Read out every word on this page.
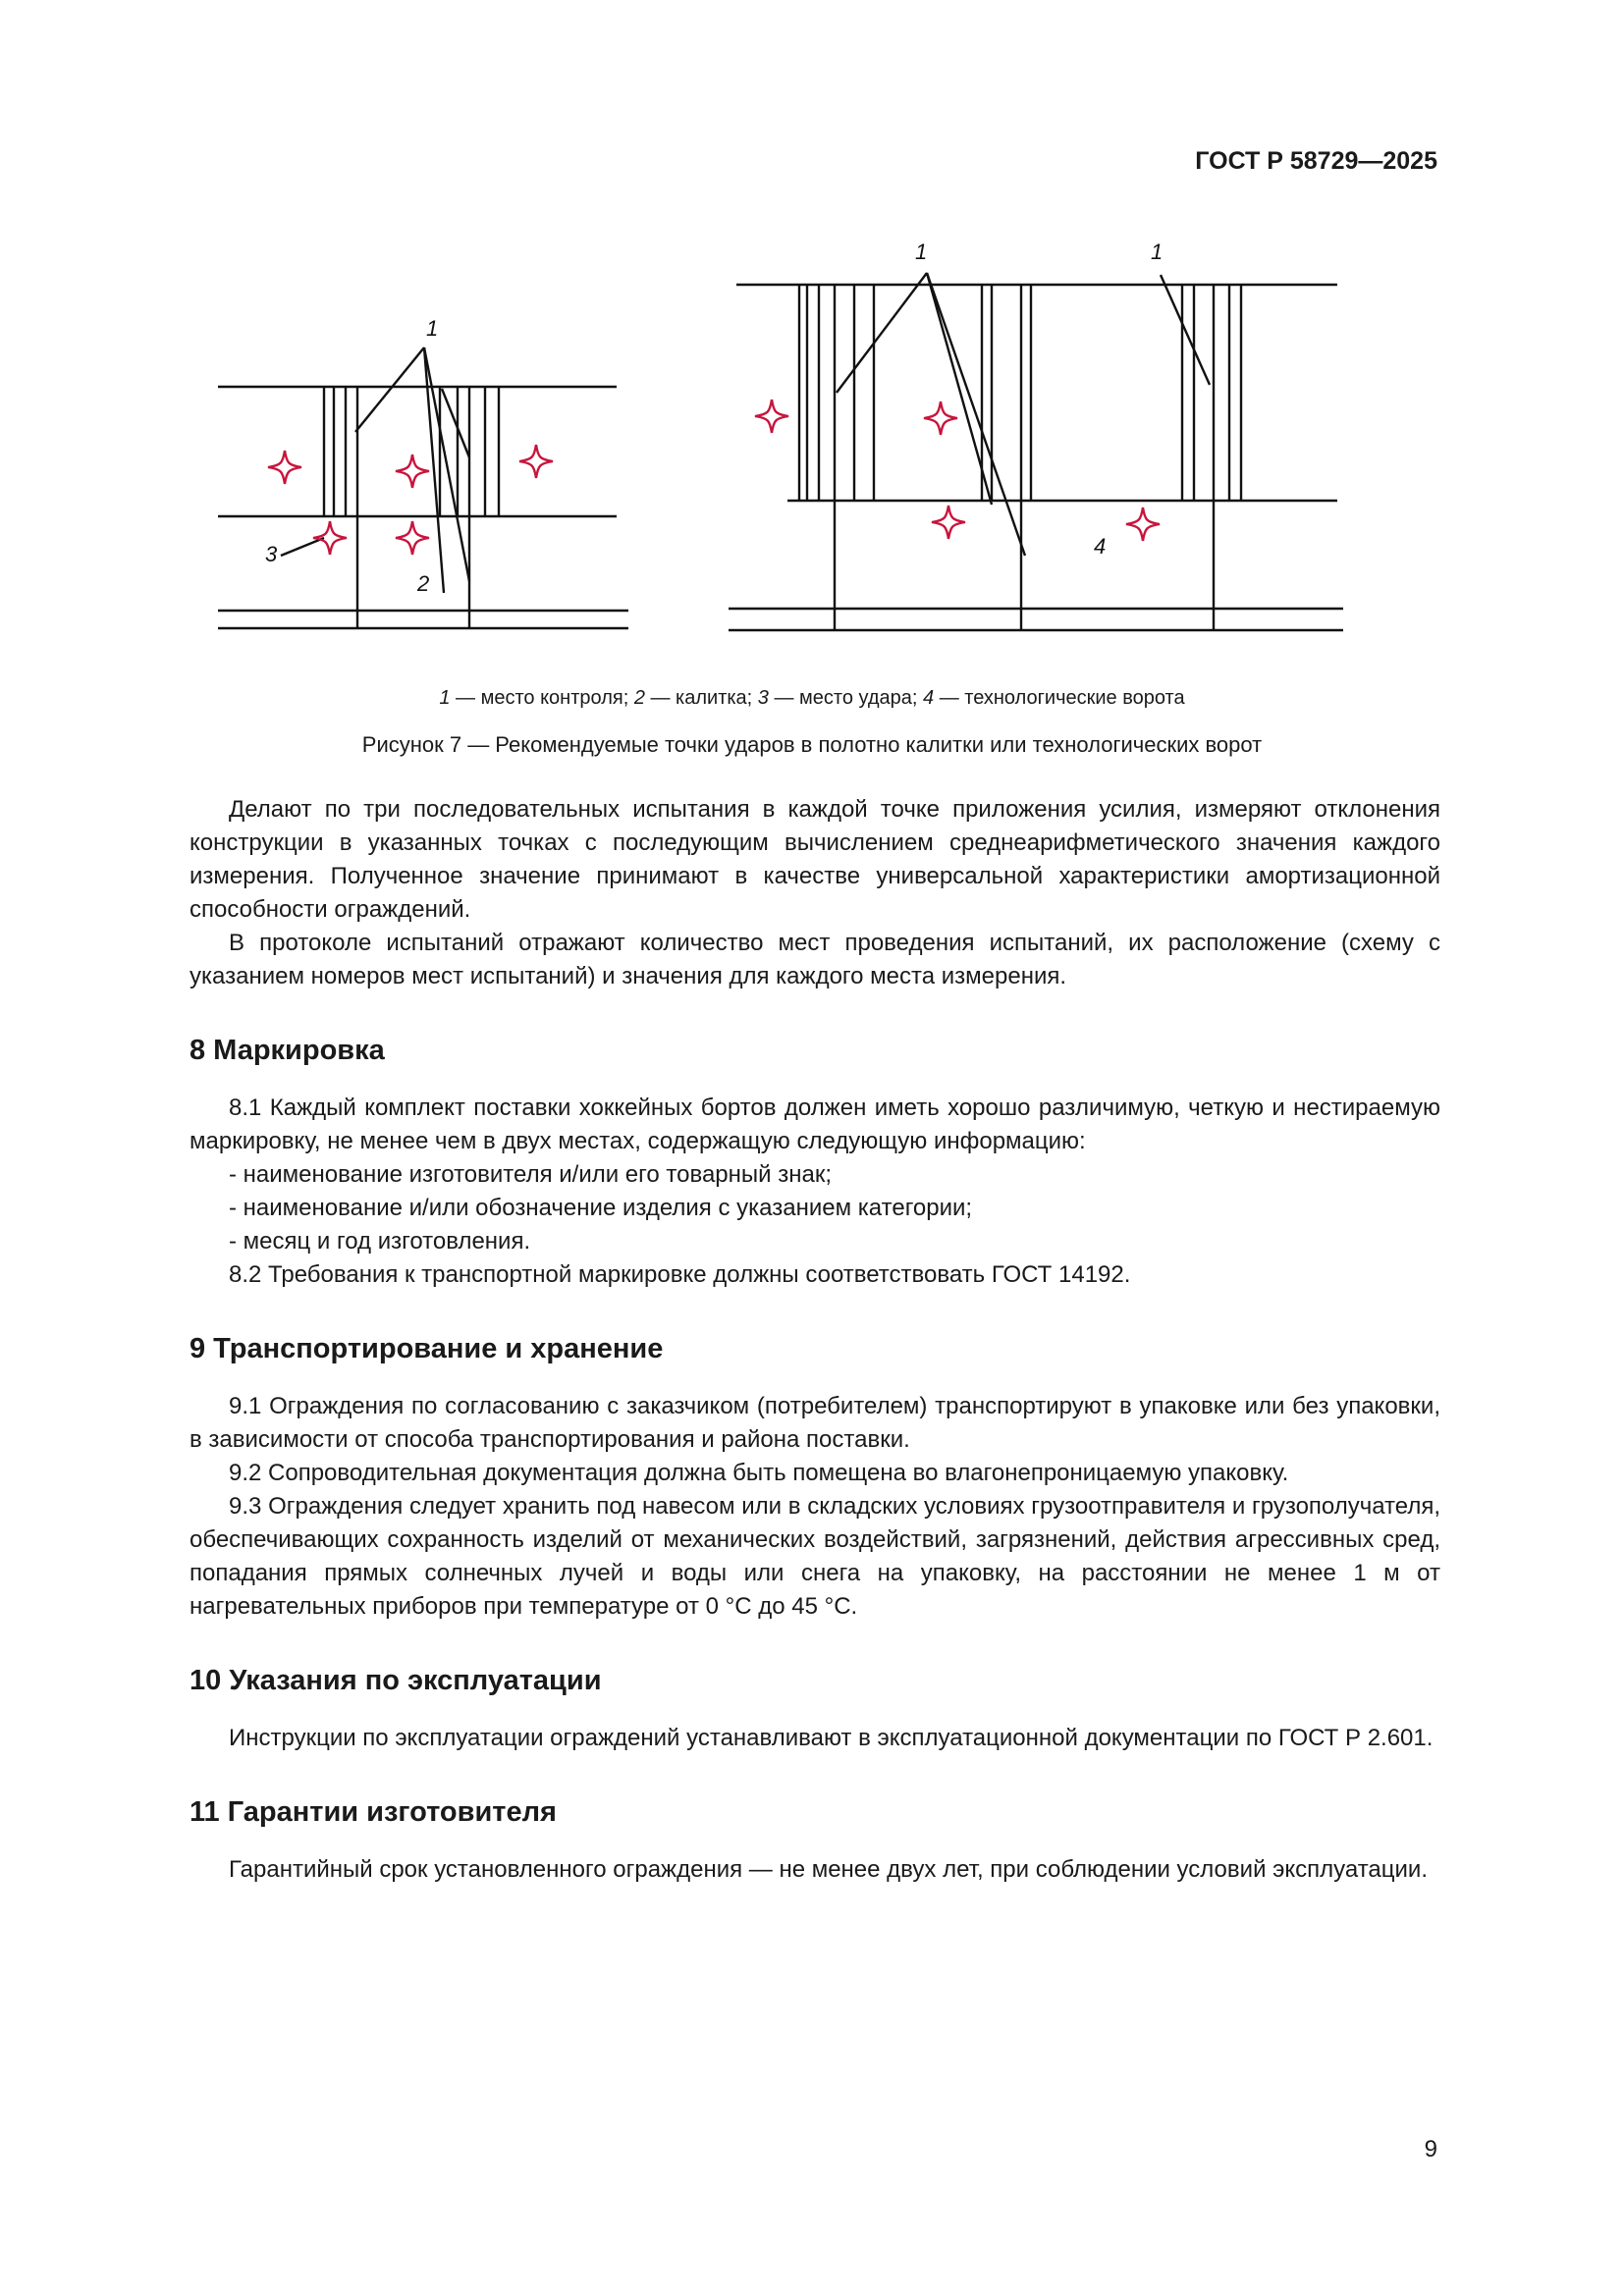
ГОСТ Р 58729—2025
1
3
2
1	1
4
1 — место контроля; 2 — калитка; 3 — место удара; 4 — технологические ворота
Рисунок 7 — Рекомендуемые точки ударов в полотно калитки или технологических ворот

Делают по три последовательных испытания в каждой точке приложения усилия, измеряют отклонения конструкции в указанных точках с последующим вычислением среднеарифметического значения каждого измерения. Полученное значение принимают в качестве универсальной характеристики амортизационной способности ограждений.

В протоколе испытаний отражают количество мест проведения испытаний, их расположение (схему с указанием номеров мест испытаний) и значения для каждого места измерения.

8 Маркировка

8.1 Каждый комплект поставки хоккейных бортов должен иметь хорошо различимую, четкую и нестираемую маркировку, не менее чем в двух местах, содержащую следующую информацию:

- наименование изготовителя и/или его товарный знак;

- наименование и/или обозначение изделия с указанием категории;

- месяц и год изготовления.

8.2 Требования к транспортной маркировке должны соответствовать ГОСТ 14192.

9 Транспортирование и хранение

9.1 Ограждения по согласованию с заказчиком (потребителем) транспортируют в упаковке или без упаковки, в зависимости от способа транспортирования и района поставки.

9.2 Сопроводительная документация должна быть помещена во влагонепроницаемую упаковку.

9.3 Ограждения следует хранить под навесом или в складских условиях грузоотправителя и грузополучателя, обеспечивающих сохранность изделий от механических воздействий, загрязнений, действия агрессивных сред, попадания прямых солнечных лучей и воды или снега на упаковку, на расстоянии не менее 1 м от нагревательных приборов при температуре от 0 °С до 45 °С.

10 Указания по эксплуатации

Инструкции по эксплуатации ограждений устанавливают в эксплуатационной документации по ГОСТ Р 2.601.

11 Гарантии изготовителя

Гарантийный срок установленного ограждения — не менее двух лет, при соблюдении условий эксплуатации.

9
